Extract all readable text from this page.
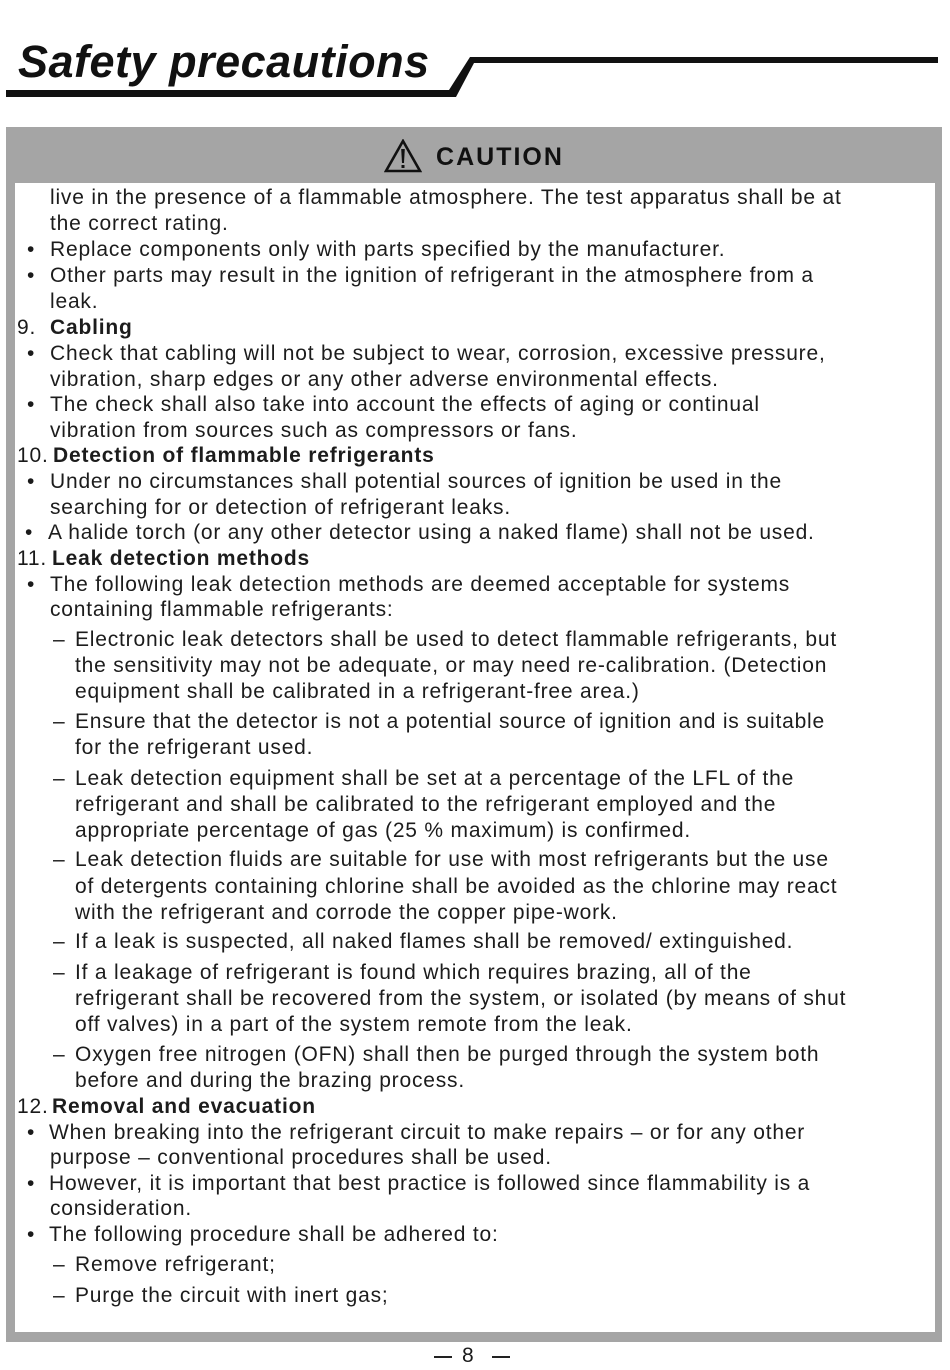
Safety precautions
CAUTION
live in the presence of a flammable atmosphere. The test apparatus shall be at
the correct rating.
• Replace components only with parts specified by the manufacturer.
• Other parts may result in the ignition of refrigerant in the atmosphere from a
leak.
9. Cabling
• Check that cabling will not be subject to wear, corrosion, excessive pressure,
vibration, sharp edges or any other adverse environmental effects.
• The check shall also take into account the effects of aging or continual
vibration from sources such as compressors or fans.
10. Detection of flammable refrigerants
• Under no circumstances shall potential sources of ignition be used in the
searching for or detection of refrigerant leaks.
• A halide torch (or any other detector using a naked flame) shall not be used.
11. Leak detection methods
• The following leak detection methods are deemed acceptable for systems
containing flammable refrigerants:
– Electronic leak detectors shall be used to detect flammable refrigerants, but
the sensitivity may not be adequate, or may need re-calibration. (Detection
equipment shall be calibrated in a refrigerant-free area.)
– Ensure that the detector is not a potential source of ignition and is suitable
for the refrigerant used.
– Leak detection equipment shall be set at a percentage of the LFL of the
refrigerant and shall be calibrated to the refrigerant employed and the
appropriate percentage of gas (25 % maximum) is confirmed.
– Leak detection fluids are suitable for use with most refrigerants but the use
of detergents containing chlorine shall be avoided as the chlorine may react
with the refrigerant and corrode the copper pipe-work.
– If a leak is suspected, all naked flames shall be removed/ extinguished.
– If a leakage of refrigerant is found which requires brazing, all of the
refrigerant shall be recovered from the system, or isolated (by means of shut
off valves) in a part of the system remote from the leak.
– Oxygen free nitrogen (OFN) shall then be purged through the system both
before and during the brazing process.
12. Removal and evacuation
• When breaking into the refrigerant circuit to make repairs – or for any other
purpose – conventional procedures shall be used.
• However, it is important that best practice is followed since flammability is a
consideration.
• The following procedure shall be adhered to:
– Remove refrigerant;
– Purge the circuit with inert gas;
8
